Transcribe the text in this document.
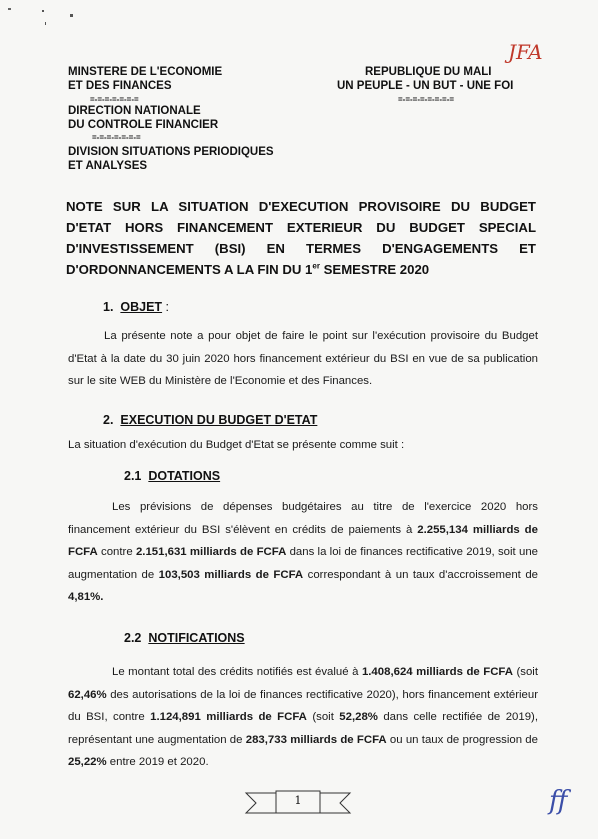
MINSTERE DE L'ECONOMIE
ET DES FINANCES
=-=-=-=-=-=-=
DIRECTION NATIONALE
DU CONTROLE FINANCIER
=-=-=-=-=-=-=
DIVISION SITUATIONS PERIODIQUES
ET ANALYSES
REPUBLIQUE DU MALI
UN PEUPLE - UN BUT - UNE FOI
=-=-=-=-=-=-=-=
JFA
NOTE SUR LA SITUATION D'EXECUTION PROVISOIRE DU BUDGET D'ETAT HORS FINANCEMENT EXTERIEUR DU BUDGET SPECIAL D'INVESTISSEMENT (BSI) EN TERMES D'ENGAGEMENTS ET D'ORDONNANCEMENTS A LA FIN DU 1er SEMESTRE 2020
1. OBJET :
La présente note a pour objet de faire le point sur l'exécution provisoire du Budget d'Etat à la date du 30 juin 2020 hors financement extérieur du BSI en vue de sa publication sur le site WEB du Ministère de l'Economie et des Finances.
2. EXECUTION DU BUDGET D'ETAT
La situation d'exécution du Budget d'Etat se présente comme suit :
2.1 DOTATIONS
Les prévisions de dépenses budgétaires au titre de l'exercice 2020 hors financement extérieur du BSI s'élèvent en crédits de paiements à 2.255,134 milliards de FCFA contre 2.151,631 milliards de FCFA dans la loi de finances rectificative 2019, soit une augmentation de 103,503 milliards de FCFA correspondant à un taux d'accroissement de 4,81%.
2.2 NOTIFICATIONS
Le montant total des crédits notifiés est évalué à 1.408,624 milliards de FCFA (soit 62,46% des autorisations de la loi de finances rectificative 2020), hors financement extérieur du BSI, contre 1.124,891 milliards de FCFA (soit 52,28% dans celle rectifiée de 2019), représentant une augmentation de 283,733 milliards de FCFA ou un taux de progression de 25,22% entre 2019 et 2020.
1	ff
